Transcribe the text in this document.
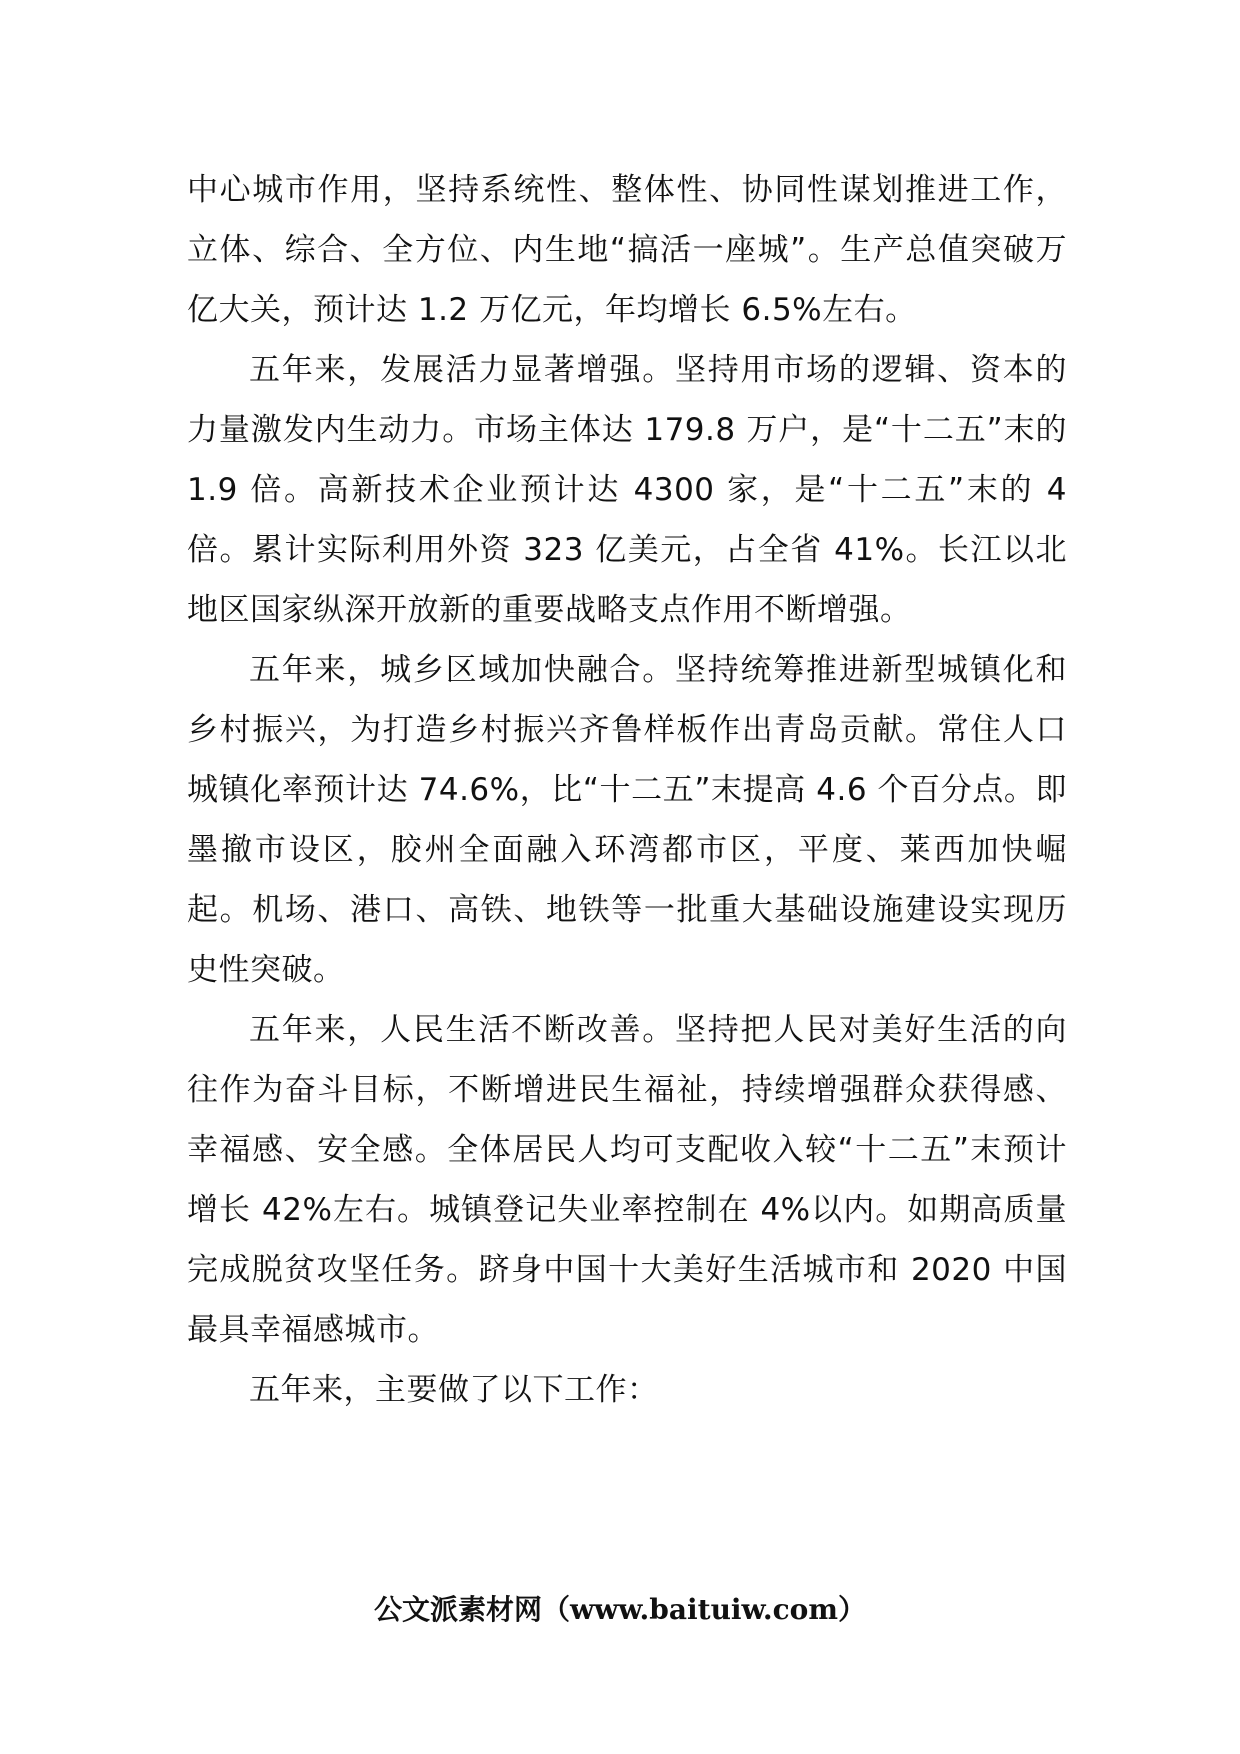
中心城市作用，坚持系统性、整体性、协同性谋划推进工作，立体、综合、全方位、内生地“搞活一座城”。生产总值突破万亿大关，预计达 1.2 万亿元，年均增长 6.5%左右。

五年来，发展活力显著增强。坚持用市场的逻辑、资本的力量激发内生动力。市场主体达 179.8 万户，是“十二五”末的 1.9 倍。高新技术企业预计达 4300 家，是“十二五”末的 4 倍。累计实际利用外资 323 亿美元，占全省 41%。长江以北地区国家纵深开放新的重要战略支点作用不断增强。

五年来，城乡区域加快融合。坚持统筹推进新型城镇化和乡村振兴，为打造乡村振兴齐鲁样板作出青岛贡献。常住人口城镇化率预计达 74.6%，比“十二五”末提高 4.6 个百分点。即墨撤市设区，胶州全面融入环湾都市区，平度、莱西加快崛起。机场、港口、高铁、地铁等一批重大基础设施建设实现历史性突破。

五年来，人民生活不断改善。坚持把人民对美好生活的向往作为奋斗目标，不断增进民生福祉，持续增强群众获得感、幸福感、安全感。全体居民人均可支配收入较“十二五”末预计增长 42%左右。城镇登记失业率控制在 4%以内。如期高质量完成脱贫攻坚任务。跻身中国十大美好生活城市和 2020 中国最具幸福感城市。

五年来，主要做了以下工作：

公文派素材网（www.baituiw.com）
